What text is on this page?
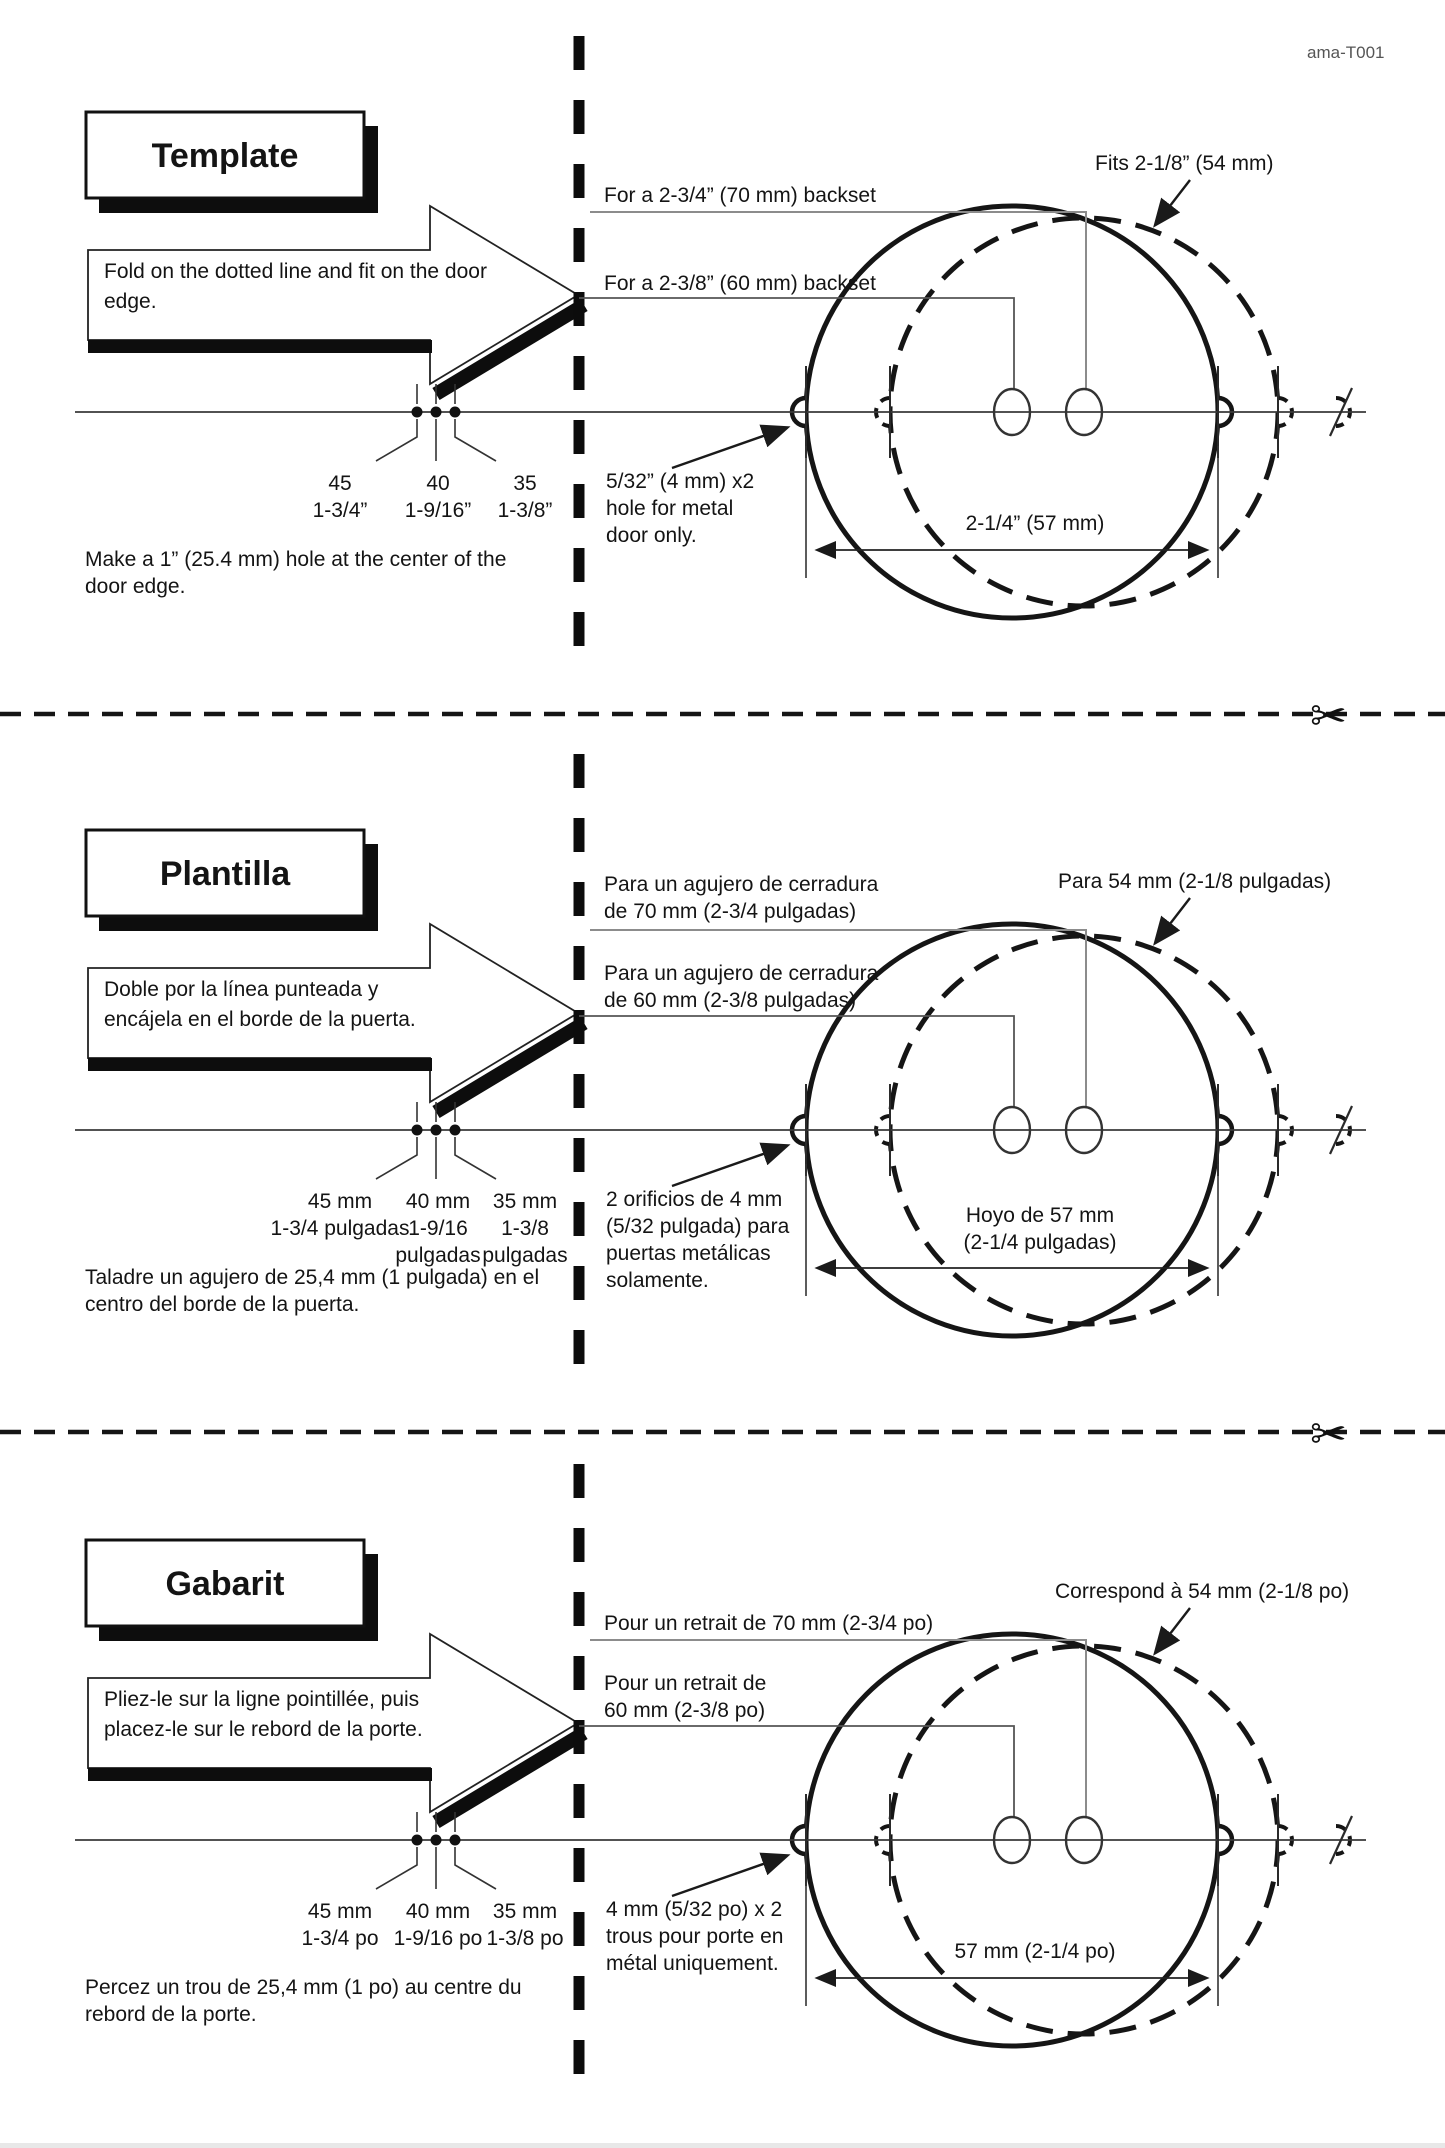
ama-T001
Template
Fold on the dotted line and fit on the door
edge.
For a 2-3/4” (70 mm) backset
Fits 2-1/8” (54 mm)
For a 2-3/8” (60 mm) backset
45	40	35
1-3/4” 1-9/16” 1-3/8”
5/32” (4 mm) x2
hole for metal
door only.
2-1/4” (57 mm)
Make a 1” (25.4 mm) hole at the center of the
door edge.
✂
Plantilla
Doble por la línea punteada y
encájela en el borde de la puerta.
Para un agujero de cerradura
de 70 mm (2-3/4 pulgadas)
Para 54 mm (2-1/8 pulgadas)
Para un agujero de cerradura
de 60 mm (2-3/8 pulgadas)
45 mm 40 mm 35 mm
1-3/4 pulgadas
1-9/16 1-3/8
pulgadas pulgadas
2 orificios de 4 mm
(5/32 pulgada) para
puertas metálicas
solamente.
Hoyo de 57 mm
(2-1/4 pulgadas)
Taladre un agujero de 25,4 mm (1 pulgada) en el
centro del borde de la puerta.
✂
Gabarit
Pliez-le sur la ligne pointillée, puis
placez-le sur le rebord de la porte.
Pour un retrait de 70 mm (2-3/4 po)
Correspond à 54 mm (2-1/8 po)
Pour un retrait de
60 mm (2-3/8 po)
45 mm 40 mm 35 mm
1-3/4 po 1-9/16 po 1-3/8 po
4 mm (5/32 po) x 2
trous pour porte en
métal uniquement.
57 mm (2-1/4 po)
Percez un trou de 25,4 mm (1 po) au centre du
rebord de la porte.
